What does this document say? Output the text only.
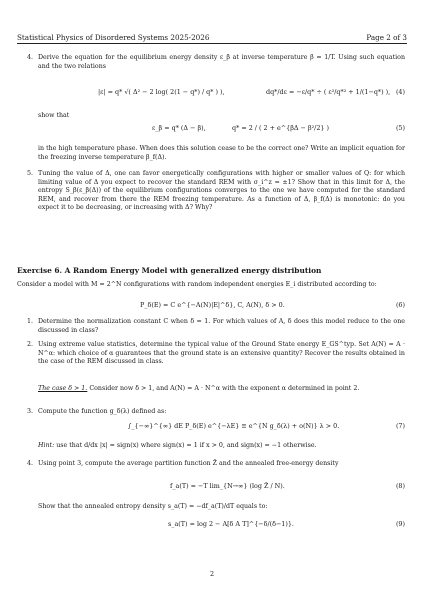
Statistical Physics of Disordered Systems 2025-2026	Page 2 of 3
4. Derive the equation for the equilibrium energy density ε_β at inverse temperature β = 1/T. Using such equation and the two relations
|ε| = q* √( Δ² − 2 log( 2(1 − q*) / q* ) ),	dq*/dε = −ε/q* ÷ ( ε²/q*² + 1/(1−q*) ), (4)
show that
ε_β = q* (Δ − β),	q* = 2 / ( 2 + e^{βΔ − β²/2} )	(5)
in the high temperature phase. When does this solution cease to be the correct one? Write an implicit equation for the freezing inverse temperature β_f(Δ).
5. Tuning the value of Δ, one can favor energetically configurations with higher or smaller values of Q: for which limiting value of Δ you expect to recover the standard REM with σ_i^z = ±1? Show that in this limit for Δ, the entropy S_β(ε_β(Δ)) of the equilibrium configurations converges to the one we have computed for the standard REM, and recover from there the REM freezing temperature. As a function of Δ, β_f(Δ) is monotonic: do you expect it to be decreasing, or increasing with Δ? Why?
Exercise 6. A Random Energy Model with generalized energy distribution
Consider a model with M = 2^N configurations with random independent energies E_i distributed according to:
P_δ(E) = C e^{−A(N)|E|^δ}, C, A(N), δ > 0.	(6)
1. Determine the normalization constant C when δ = 1. For which values of A, δ does this model reduce to the one discussed in class?
2. Using extreme value statistics, determine the typical value of the Ground State energy E_GS^typ. Set A(N) = A · N^α: which choice of α guarantees that the ground state is an extensive quantity? Recover the results obtained in the case of the REM discussed in class.
The case δ > 1. Consider now δ > 1, and A(N) = A · N^α with the exponent α determined in point 2.
3. Compute the function g_δ(λ) defined as:
∫_{−∞}^{∞} dE P_δ(E) e^{−λE} ≡ e^{N g_δ(λ) + o(N)} λ > 0.	(7)
Hint: use that d/dx |x| = sign(x) where sign(x) = 1 if x > 0, and sign(x) = −1 otherwise.
4. Using point 3, compute the average partition function Z̄ and the annealed free-energy density
f_a(T) = −T lim_{N→∞} (log Z̄ / N).	(8)
Show that the annealed entropy density s_a(T) = −df_a(T)/dT equals to:
s_a(T) = log 2 − A[δ A T]^{−δ/(δ−1)}.	(9)
2
